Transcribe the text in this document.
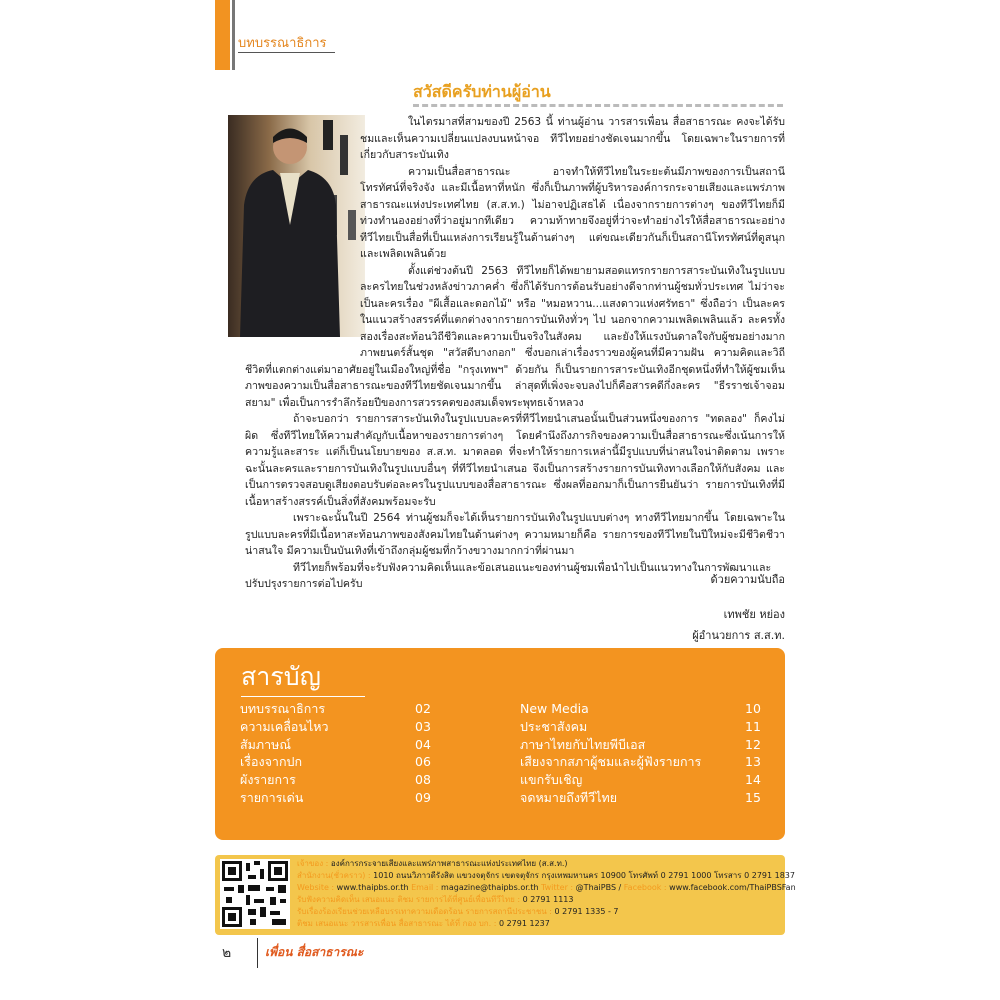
บทบรรณาธิการ
สวัสดีครับท่านผู้อ่าน

ในไตรมาสที่สามของปี 2563 นี้ ท่านผู้อ่าน วารสารเพื่อน สื่อสาธารณะ คงจะได้รับชมและเห็นความเปลี่ยนแปลงบนหน้าจอ ทีวีไทยอย่างชัดเจนมากขึ้น โดยเฉพาะในรายการที่เกี่ยวกับสาระบันเทิง

ความเป็นสื่อสาธารณะ อาจทำให้ทีวีไทยในระยะต้นมีภาพของการเป็นสถานีโทรทัศน์ที่จริงจัง และมีเนื้อหาที่หนัก ซึ่งก็เป็นภาพที่ผู้บริหารองค์การกระจายเสียงและแพร่ภาพสาธารณะแห่งประเทศไทย (ส.ส.ท.) ไม่อาจปฏิเสธได้ เนื่องจากรายการต่างๆ ของทีวีไทยก็มีท่วงทำนองอย่างที่ว่าอยู่มากทีเดียว ความท้าทายจึงอยู่ที่ว่าจะทำอย่างไรให้สื่อสาธารณะอย่างทีวีไทยเป็นสื่อที่เป็นแหล่งการเรียนรู้ในด้านต่างๆ แต่ขณะเดียวกันก็เป็นสถานีโทรทัศน์ที่ดูสนุกและเพลิดเพลินด้วย

ตั้งแต่ช่วงต้นปี 2563 ทีวีไทยก็ได้พยายามสอดแทรกรายการสาระบันเทิงในรูปแบบละครไทยในช่วงหลังข่าวภาคค่ำ ซึ่งก็ได้รับการต้อนรับอย่างดีจากท่านผู้ชมทั่วประเทศ ไม่ว่าจะเป็นละครเรื่อง "ผีเสื้อและดอกไม้" หรือ "หมอหวาน...แสงดาวแห่งศรัทธา" ซึ่งถือว่า เป็นละครในแนวสร้างสรรค์ที่แตกต่างจากรายการบันเทิงทั่วๆ ไป นอกจากความเพลิดเพลินแล้ว ละครทั้งสองเรื่องสะท้อนวิถีชีวิตและความเป็นจริงในสังคม และยังให้แรงบันดาลใจกับผู้ชมอย่างมาก ภาพยนตร์สั้นชุด "สวัสดีบางกอก" ซึ่งบอกเล่าเรื่องราวของผู้คนที่มีความฝัน ความคิดและวิถีชีวิตที่แตกต่างแต่มาอาศัยอยู่ในเมืองใหญ่ที่ชื่อ "กรุงเทพฯ" ด้วยกัน ก็เป็นรายการสาระบันเทิงอีกชุดหนึ่งที่ทำให้ผู้ชมเห็นภาพของความเป็นสื่อสาธารณะของทีวีไทยชัดเจนมากขึ้น ล่าสุดที่เพิ่งจะจบลงไปก็คือสารคดีกึ่งละคร "ธีรราชเจ้าจอมสยาม" เพื่อเป็นการรำลึกร้อยปีของการสวรรคตของสมเด็จพระพุทธเจ้าหลวง

ถ้าจะบอกว่า รายการสาระบันเทิงในรูปแบบละครที่ทีวีไทยนำเสนอนั้นเป็นส่วนหนึ่งของการ "ทดลอง" ก็คงไม่ผิด ซึ่งทีวีไทยให้ความสำคัญกับเนื้อหาของรายการต่างๆ โดยคำนึงถึงภารกิจของความเป็นสื่อสาธารณะซึ่งเน้นการให้ความรู้และสาระ แต่ก็เป็นนโยบายของ ส.ส.ท. มาตลอด ที่จะทำให้รายการเหล่านี้มีรูปแบบที่น่าสนใจน่าติดตาม เพราะฉะนั้นละครและรายการบันเทิงในรูปแบบอื่นๆ ที่ทีวีไทยนำเสนอ จึงเป็นการสร้างรายการบันเทิงทางเลือกให้กับสังคม และเป็นการตรวจสอบดูเสียงตอบรับต่อละครในรูปแบบของสื่อสาธารณะ ซึ่งผลที่ออกมาก็เป็นการยืนยันว่า รายการบันเทิงที่มีเนื้อหาสร้างสรรค์เป็นสิ่งที่สังคมพร้อมจะรับ

เพราะฉะนั้นในปี 2564 ท่านผู้ชมก็จะได้เห็นรายการบันเทิงในรูปแบบต่างๆ ทางทีวีไทยมากขึ้น โดยเฉพาะในรูปแบบละครที่มีเนื้อหาสะท้อนภาพของสังคมไทยในด้านต่างๆ ความหมายก็คือ รายการของทีวีไทยในปีใหม่จะมีชีวิตชีวาน่าสนใจ มีความเป็นบันเทิงที่เข้าถึงกลุ่มผู้ชมที่กว้างขวางมากกว่าที่ผ่านมา

ทีวีไทยก็พร้อมที่จะรับฟังความคิดเห็นและข้อเสนอแนะของท่านผู้ชมเพื่อนำไปเป็นแนวทางในการพัฒนาและปรับปรุงรายการต่อไปครับ	ด้วยความนับถือ
เทพชัย หย่อง
ผู้อำนวยการ ส.ส.ท.
สารบัญ
บทบรรณาธิการ	02
ความเคลื่อนไหว	03
สัมภาษณ์	04
เรื่องจากปก	06
ผังรายการ	08
รายการเด่น	09
New Media	10
ประชาสังคม	11
ภาษาไทยกับไทยพีบีเอส	12
เสียงจากสภาผู้ชมและผู้ฟังรายการ	13
แขกรับเชิญ	14
จดหมายถึงทีวีไทย	15
เจ้าของ : องค์การกระจายเสียงและแพร่ภาพสาธารณะแห่งประเทศไทย (ส.ส.ท.)
สำนักงาน(ชั่วคราว) : 1010 ถนนวิภาวดีรังสิต แขวงจตุจักร เขตจตุจักร กรุงเทพมหานคร 10900 โทรศัพท์ 0 2791 1000 โทรสาร 0 2791 1837
Website : www.thaipbs.or.th Email : magazine@thaipbs.or.th Twitter : @ThaiPBS / Facebook : www.facebook.com/ThaiPBSFan
รับฟังความคิดเห็น เสนอแนะ ติชม รายการได้ที่ศูนย์เพื่อนทีวีไทย : 0 2791 1113
รับเรื่องร้องเรียนช่วยเหลือบรรเทาความเดือดร้อน รายการสถานีประชาชน : 0 2791 1335 - 7
ติชม เสนอแนะ วารสารเพื่อน สื่อสาธารณะ ได้ที่ กอง บก. : 0 2791 1237
๒	เพื่อน สื่อสาธารณะ
